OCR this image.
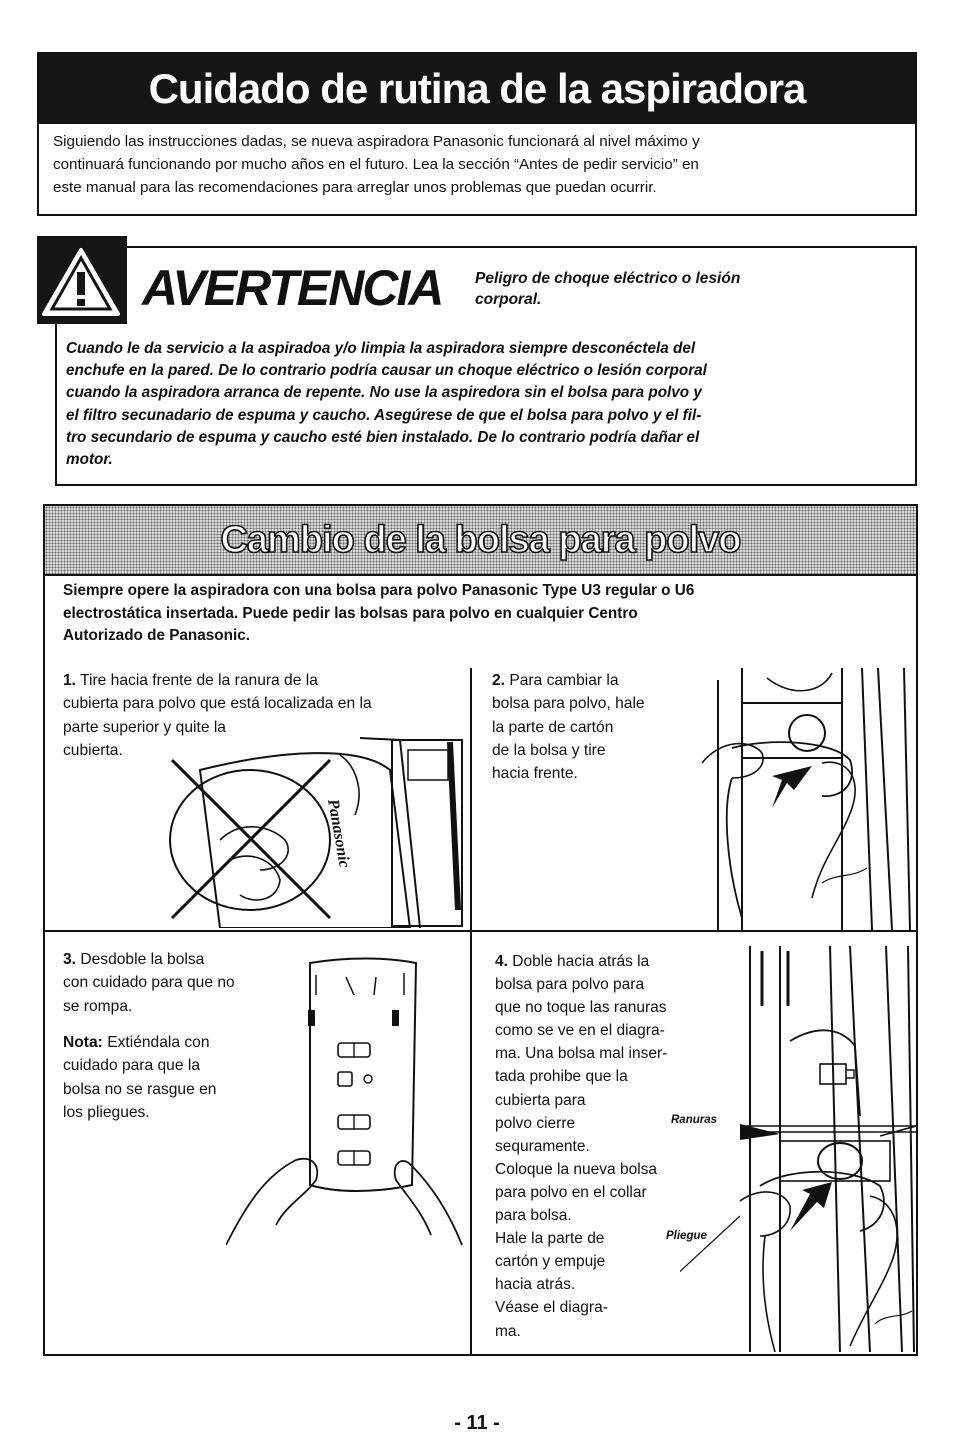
Cuidado de rutina de la aspiradora
Siguiendo las instrucciones dadas, se nueva aspiradora Panasonic funcionará al nivel máximo y
continuará funcionando por mucho años en el futuro. Lea la sección “Antes de pedir servicio” en
este manual para las recomendaciones para arreglar unos problemas que puedan ocurrir.
AVERTENCIA Peligro de choque eléctrico o lesión
corporal.
Cuando le da servicio a la aspiradoa y/o limpia la aspiradora siempre desconéctela del
enchufe en la pared. De lo contrario podría causar un choque eléctrico o lesión corporal
cuando la aspiradora arranca de repente. No use la aspiredora sin el bolsa para polvo y
el filtro secunadario de espuma y caucho. Asegúrese de que el bolsa para polvo y el fil-
tro secundario de espuma y caucho esté bien instalado. De lo contrario podría dañar el
motor.
Cambio de la bolsa para polvo
Siempre opere la aspiradora con una bolsa para polvo Panasonic Type U3 regular o U6
electrostática insertada. Puede pedir las bolsas para polvo en cualquier Centro
Autorizado de Panasonic.
1. Tire hacia frente de la ranura de la
cubierta para polvo que está localizada en la
parte superior y quite la
cubierta.
Panasonic
2. Para cambiar la
bolsa para polvo, hale
la parte de cartón
de la bolsa y tire
hacia frente.
3. Desdoble la bolsa
con cuidado para que no
se rompa.
Nota: Extiéndala con
cuidado para que la
bolsa no se rasgue en
los pliegues.
4. Doble hacia atrás la
bolsa para polvo para
que no toque las ranuras
como se ve en el diagra-
ma. Una bolsa mal inser-
tada prohibe que la
cubierta para
polvo cierre
sequramente.
Coloque la nueva bolsa
para polvo en el collar
para bolsa.
Hale la parte de
cartón y empuje
hacia atrás.
Véase el diagra-
ma.
Ranuras
Pliegue
- 11 -
